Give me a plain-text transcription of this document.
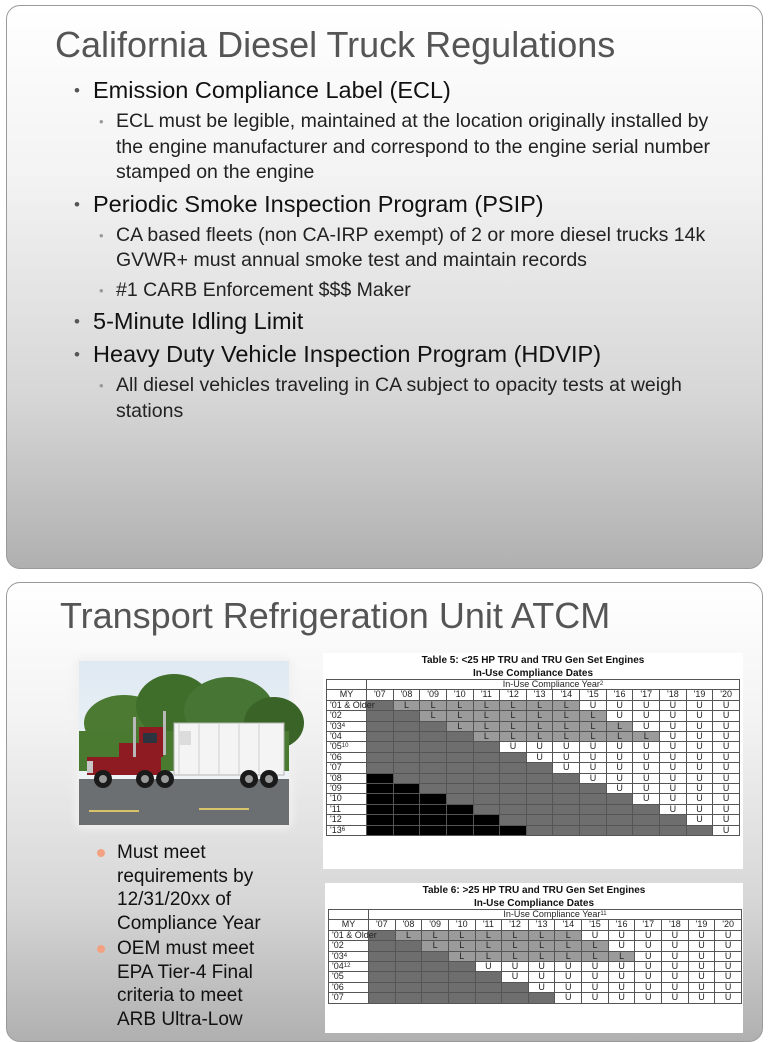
California Diesel Truck Regulations
• Emission Compliance Label (ECL)
• ECL must be legible, maintained at the location originally installed by the engine manufacturer and correspond to the engine serial number stamped on the engine
• Periodic Smoke Inspection Program (PSIP)
• CA based fleets (non CA-IRP exempt) of 2 or more diesel trucks 14k GVWR+ must annual smoke test and maintain records
• #1 CARB Enforcement $$$ Maker
• 5-Minute Idling Limit
• Heavy Duty Vehicle Inspection Program (HDVIP)
• All diesel vehicles traveling in CA subject to opacity tests at weigh stations
Transport Refrigeration Unit ATCM
Must meet requirements by 12/31/20xx of Compliance Year
OEM must meet EPA Tier-4 Final criteria to meet ARB Ultra-Low
Table 5: <25 HP TRU and TRU Gen Set Engines
In-Use Compliance Dates
	In-Use Compliance Year$^2$
MY	'07	'08	'09	'10	'11	'12	'13	'14	'15	'16	'17	'18	'19	'20
'01 & Older		L	L	L	L	L	L	L	U	U	U	U	U	U
'02			L	L	L	L	L	L	L	U	U	U	U	U
'$03^4$				L	L	L	L	L	L	L	U	U	U	U
'04					L	L	L	L	L	L	L	U	U	U
'$05^{10}$						U	U	U	U	U	U	U	U	U
'06							U	U	U	U	U	U	U	U
'07								U	U	U	U	U	U	U
'08									U	U	U	U	U	U
'09										U	U	U	U	U
'10											U	U	U	U
'11												U	U	U
'12													U	U
'$13^6$														U
Table 6: >25 HP TRU and TRU Gen Set Engines
In-Use Compliance Dates
	In-Use Compliance Year$^{11}$
MY	'07	'08	'09	'10	'11	'12	'13	'14	'15	'16	'17	'18	'19	'20
'01 & Older		L	L	L	L	L	L	L	U	U	U	U	U	U
'02			L	L	L	L	L	L	L	U	U	U	U	U
'$03^4$				L	L	L	L	L	L	L	U	U	U	U
'$04^{12}$					U	U	U	U	U	U	U	U	U	U
'05						U	U	U	U	U	U	U	U	U
'06							U	U	U	U	U	U	U	U
'07								U	U	U	U	U	U	U
